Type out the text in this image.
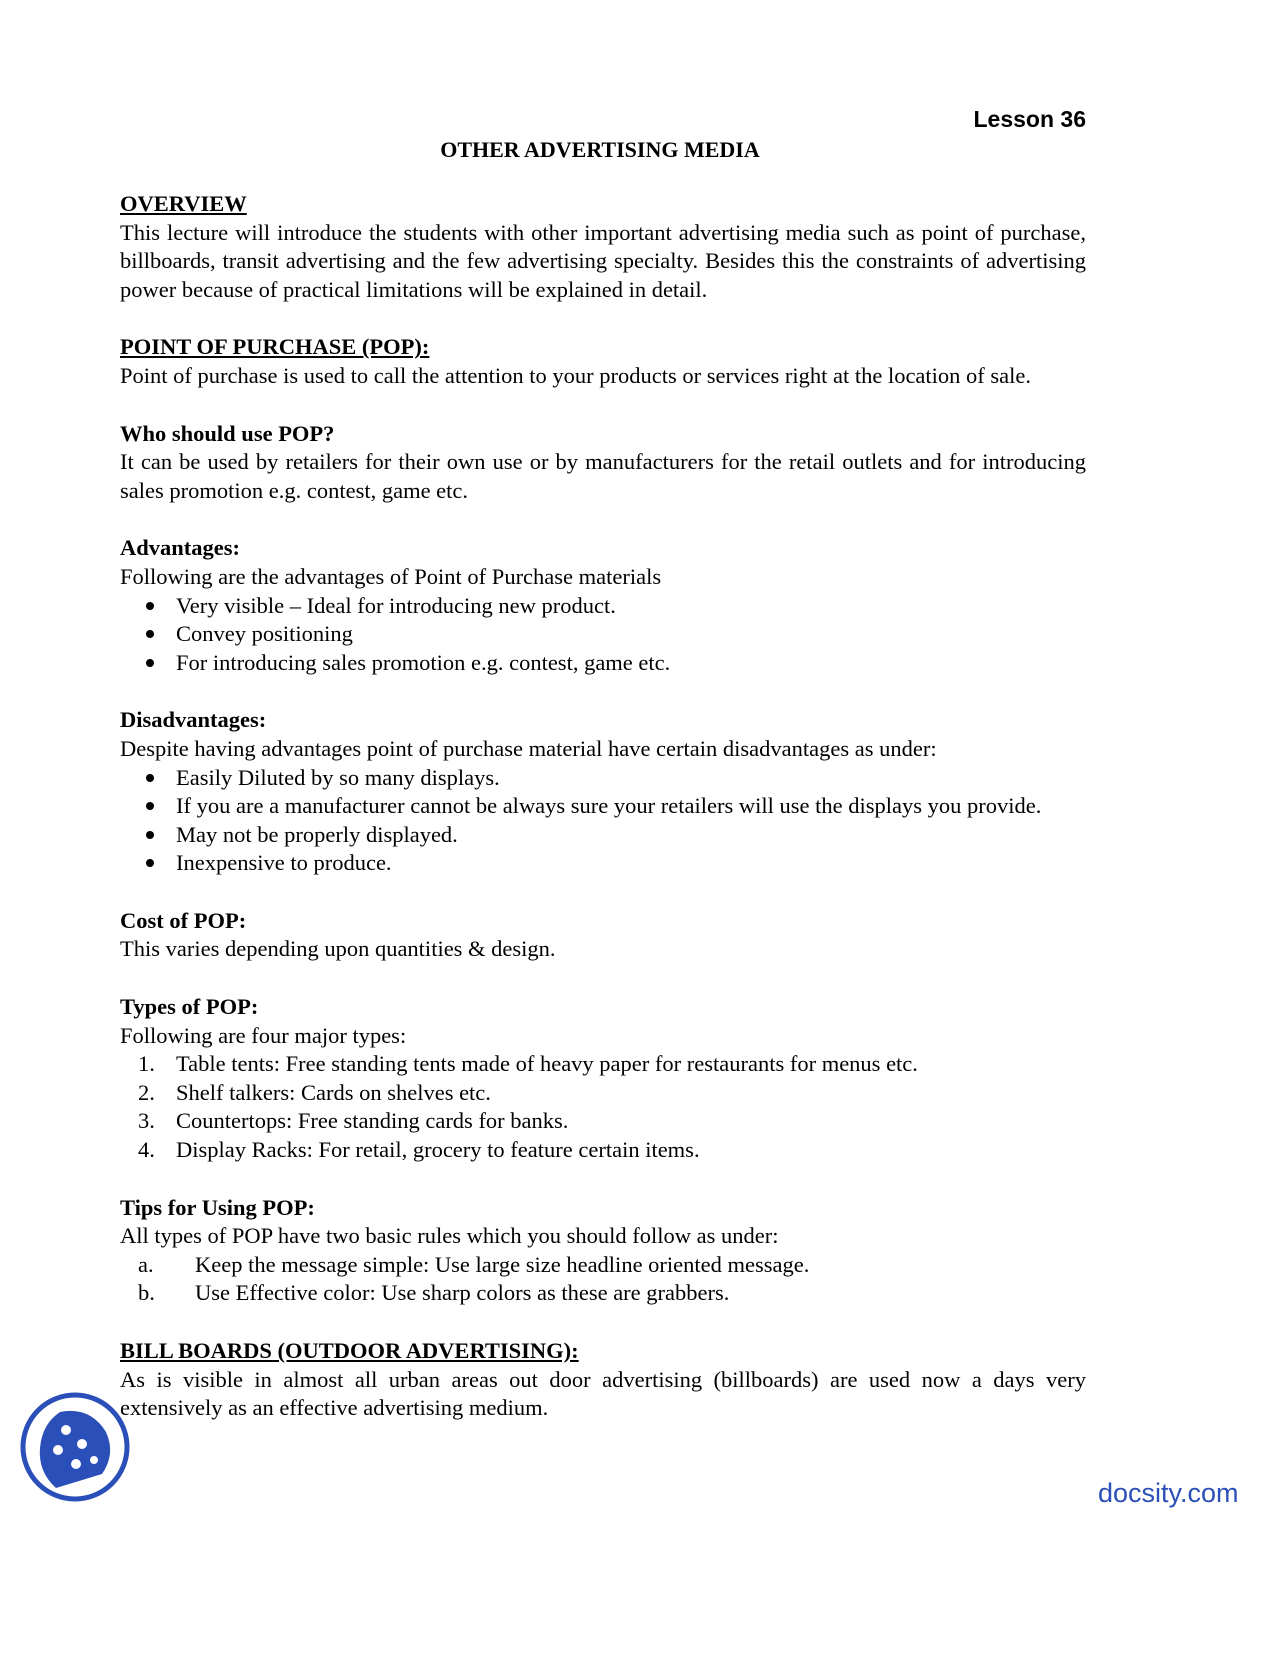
Lesson 36
OTHER ADVERTISING MEDIA
OVERVIEW

This lecture will introduce the students with other important advertising media such as point of purchase, billboards, transit advertising and the few advertising specialty. Besides this the constraints of advertising power because of practical limitations will be explained in detail.

POINT OF PURCHASE (POP):

Point of purchase is used to call the attention to your products or services right at the location of sale.

Who should use POP?

It can be used by retailers for their own use or by manufacturers for the retail outlets and for introducing sales promotion e.g. contest, game etc.

Advantages:

Following are the advantages of Point of Purchase materials

Very visible – Ideal for introducing new product.
Convey positioning
For introducing sales promotion e.g. contest, game etc.
Disadvantages:

Despite having advantages point of purchase material have certain disadvantages as under:

Easily Diluted by so many displays.
If you are a manufacturer cannot be always sure your retailers will use the displays you provide.
May not be properly displayed.
Inexpensive to produce.
Cost of POP:

This varies depending upon quantities & design.

Types of POP:

Following are four major types:

1. Table tents: Free standing tents made of heavy paper for restaurants for menus etc.
2. Shelf talkers: Cards on shelves etc.
3. Countertops: Free standing cards for banks.
4. Display Racks: For retail, grocery to feature certain items.
Tips for Using POP:

All types of POP have two basic rules which you should follow as under:

a. Keep the message simple: Use large size headline oriented message.
b. Use Effective color: Use sharp colors as these are grabbers.
BILL BOARDS (OUTDOOR ADVERTISING):

As is visible in almost all urban areas out door advertising (billboards) are used now a days very extensively as an effective advertising medium.

docsity.com
